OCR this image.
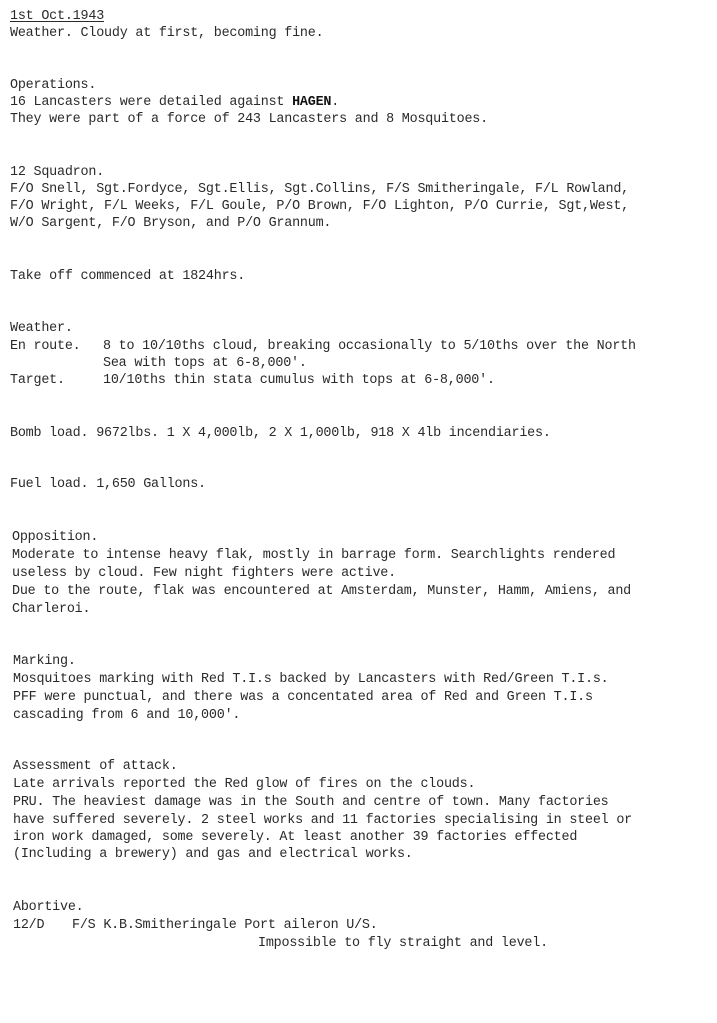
1st Oct.1943
Weather. Cloudy at first, becoming fine.
Operations.
16 Lancasters were detailed against HAGEN.
They were part of a force of 243 Lancasters and 8 Mosquitoes.
12 Squadron.
F/O Snell, Sgt.Fordyce, Sgt.Ellis, Sgt.Collins, F/S Smitheringale, F/L Rowland,
F/O Wright, F/L Weeks, F/L Goule, P/O Brown, F/O Lighton, P/O Currie, Sgt,West,
W/O Sargent, F/O Bryson, and P/O Grannum.
Take off commenced at 1824hrs.
Weather.
En route. 8 to 10/10ths cloud, breaking occasionally to 5/10ths over the North
Sea with tops at 6-8,000'.
Target.	10/10ths thin stata cumulus with tops at 6-8,000'.
Bomb load. 9672lbs. 1 X 4,000lb, 2 X 1,000lb, 918 X 4lb incendiaries.
Fuel load. 1,650 Gallons.
Opposition.
Moderate to intense heavy flak, mostly in barrage form. Searchlights rendered
useless by cloud. Few night fighters were active.
Due to the route, flak was encountered at Amsterdam, Munster, Hamm, Amiens, and
Charleroi.
Marking.
Mosquitoes marking with Red T.I.s backed by Lancasters with Red/Green T.I.s.
PFF were punctual, and there was a concentated area of Red and Green T.I.s
cascading from 6 and 10,000'.
Assessment of attack.
Late arrivals reported the Red glow of fires on the clouds.
PRU. The heaviest damage was in the South and centre of town. Many factories
have suffered severely. 2 steel works and 11 factories specialising in steel or
iron work damaged, some severely. At least another 39 factories effected
(Including a brewery) and gas and electrical works.
Abortive.
12/D F/S K.B.Smitheringale Port aileron U/S.
Impossible to fly straight and level.
